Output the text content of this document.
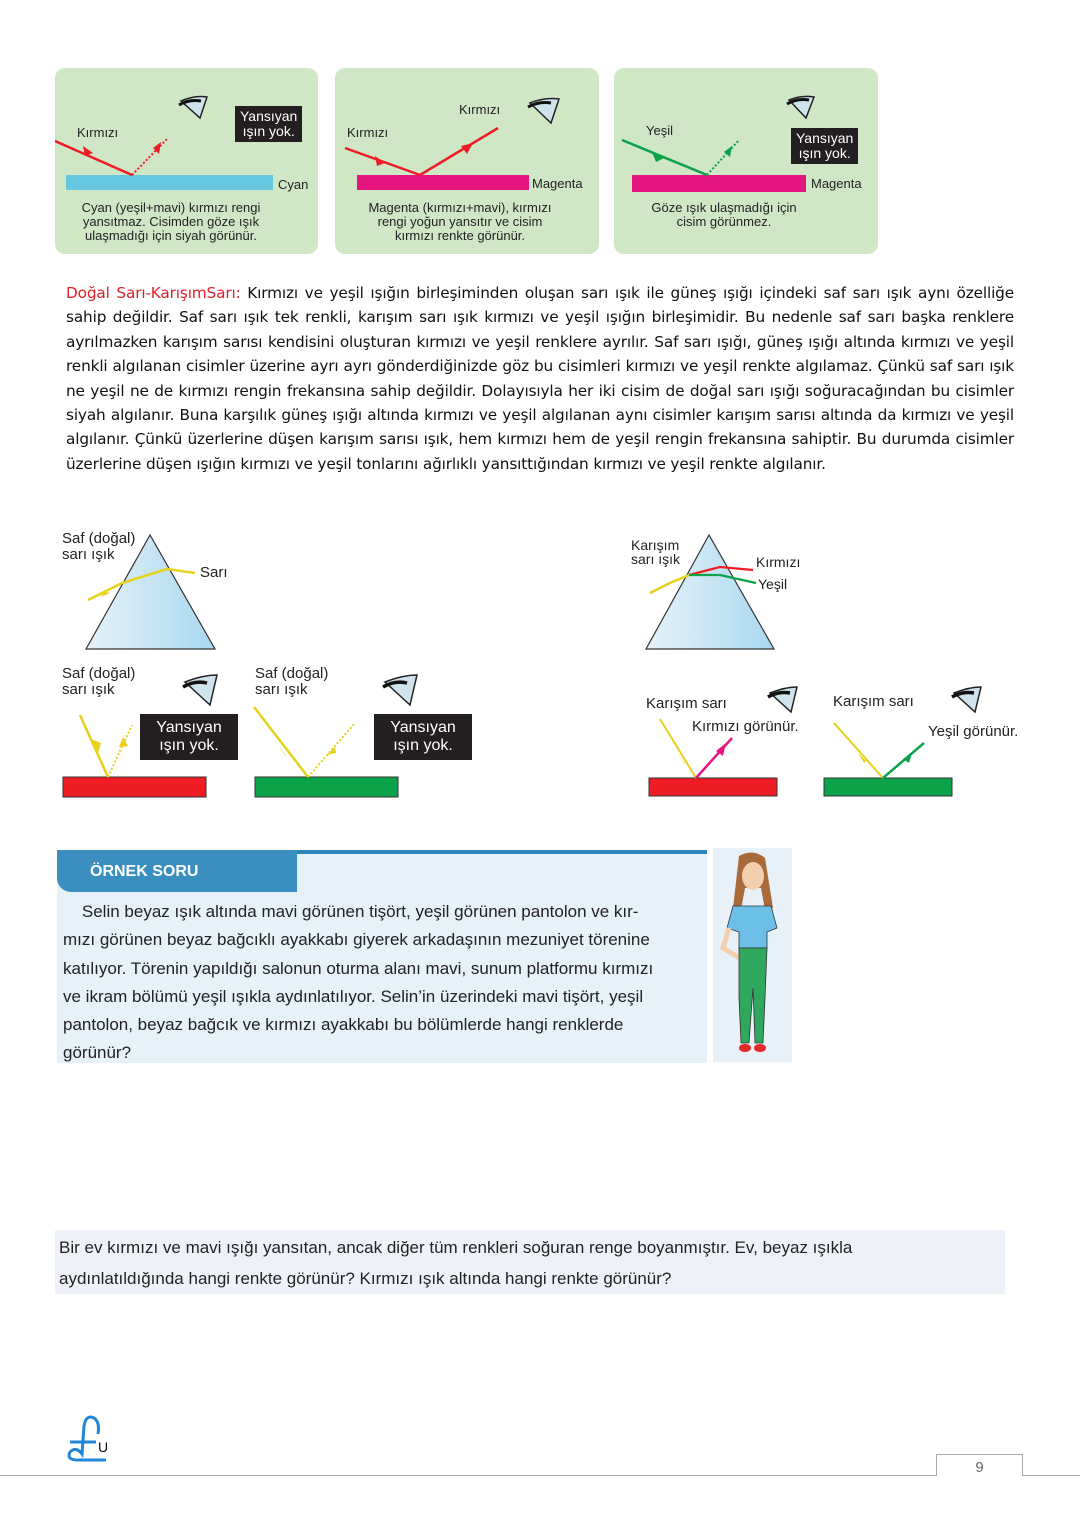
Kırmızı
Cyan
Yansıyan
ışın yok.
Cyan (yeşil+mavi) kırmızı rengi
yansıtmaz. Cisimden göze ışık
ulaşmadığı için siyah görünür.
Kırmızı
Kırmızı
Magenta
Magenta (kırmızı+mavi), kırmızı
rengi yoğun yansıtır ve cisim
kırmızı renkte görünür.
Yeşil
Magenta
Yansıyan
ışın yok.
Göze ışık ulaşmadığı için
cisim görünmez.
Doğal Sarı-KarışımSarı: Kırmızı ve yeşil ışığın birleşiminden oluşan sarı ışık ile güneş ışığı içindeki saf sarı ışık aynı özelliğe sahip değildir. Saf sarı ışık tek renkli, karışım sarı ışık kırmızı ve yeşil ışığın birleşimidir. Bu nedenle saf sarı başka renklere ayrılmazken karışım sarısı kendisini oluşturan kırmızı ve yeşil renklere ayrılır. Saf sarı ışığı, güneş ışığı altında kırmızı ve yeşil renkli algılanan cisimler üzerine ayrı ayrı gönderdiğinizde göz bu cisimleri kırmızı ve yeşil renkte algılamaz. Çünkü saf sarı ışık ne yeşil ne de kırmızı rengin frekansına sahip değildir. Dolayısıyla her iki cisim de doğal sarı ışığı soğuracağından bu cisimler siyah algılanır. Buna karşılık güneş ışığı altında kırmızı ve yeşil algılanan aynı cisimler karışım sarısı altında da kırmızı ve yeşil algılanır. Çünkü üzerlerine düşen karışım sarısı ışık, hem kırmızı hem de yeşil rengin frekansına sahiptir. Bu durumda cisimler üzerlerine düşen ışığın kırmızı ve yeşil tonlarını ağırlıklı yansıttığından kırmızı ve yeşil renkte algılanır.
Saf (doğal)
sarı ışık
Sarı
Saf (doğal)
sarı ışık
Yansıyan
ışın yok.
Saf (doğal)
sarı ışık
Yansıyan
ışın yok.
Karışım
sarı ışık	Kırmızı
Yeşil
Karışım sarı
Kırmızı görünür.
Karışım sarı
Yeşil görünür.
ÖRNEK SORU
Selin beyaz ışık altında mavi görünen tişört, yeşil görünen pantolon ve kır-
mızı görünen beyaz bağcıklı ayakkabı giyerek arkadaşının mezuniyet törenine
katılıyor. Törenin yapıldığı salonun oturma alanı mavi, sunum platformu kırmızı
ve ikram bölümü yeşil ışıkla aydınlatılıyor. Selin’in üzerindeki mavi tişört, yeşil
pantolon, beyaz bağcık ve kırmızı ayakkabı bu bölümlerde hangi renklerde
görünür?
Bir ev kırmızı ve mavi ışığı yansıtan, ancak diğer tüm renkleri soğuran renge boyanmıştır. Ev, beyaz ışıkla
aydınlatıldığında hangi renkte görünür? Kırmızı ışık altında hangi renkte görünür?
U
9
